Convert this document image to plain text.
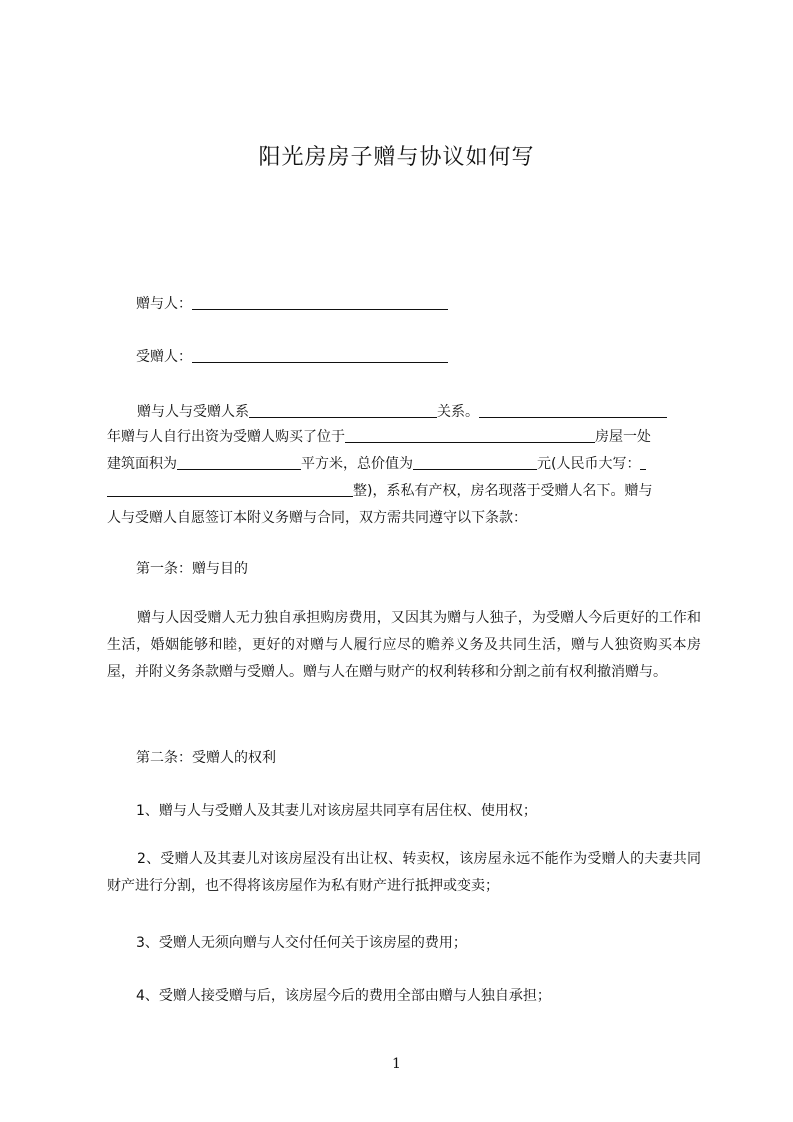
阳光房房子赠与协议如何写
赠与人：
受赠人：
赠与人与受赠人系	关系。
年赠与人自行出资为受赠人购买了位于	房屋一处
建筑面积为	平方米，总价值为	元(人民币大写：
整)，系私有产权，房名现落于受赠人名下。赠与
人与受赠人自愿签订本附义务赠与合同，双方需共同遵守以下条款：
第一条：赠与目的
赠与人因受赠人无力独自承担购房费用，又因其为赠与人独子，为受赠人今后更好的工作和生活，婚姻能够和睦，更好的对赠与人履行应尽的赡养义务及共同生活，赠与人独资购买本房屋，并附义务条款赠与受赠人。赠与人在赠与财产的权利转移和分割之前有权利撤消赠与。
第二条：受赠人的权利
1、赠与人与受赠人及其妻儿对该房屋共同享有居住权、使用权；
2、受赠人及其妻儿对该房屋没有出让权、转卖权，该房屋永远不能作为受赠人的夫妻共同财产进行分割，也不得将该房屋作为私有财产进行抵押或变卖；
3、受赠人无须向赠与人交付任何关于该房屋的费用；
4、受赠人接受赠与后，该房屋今后的费用全部由赠与人独自承担；
1
